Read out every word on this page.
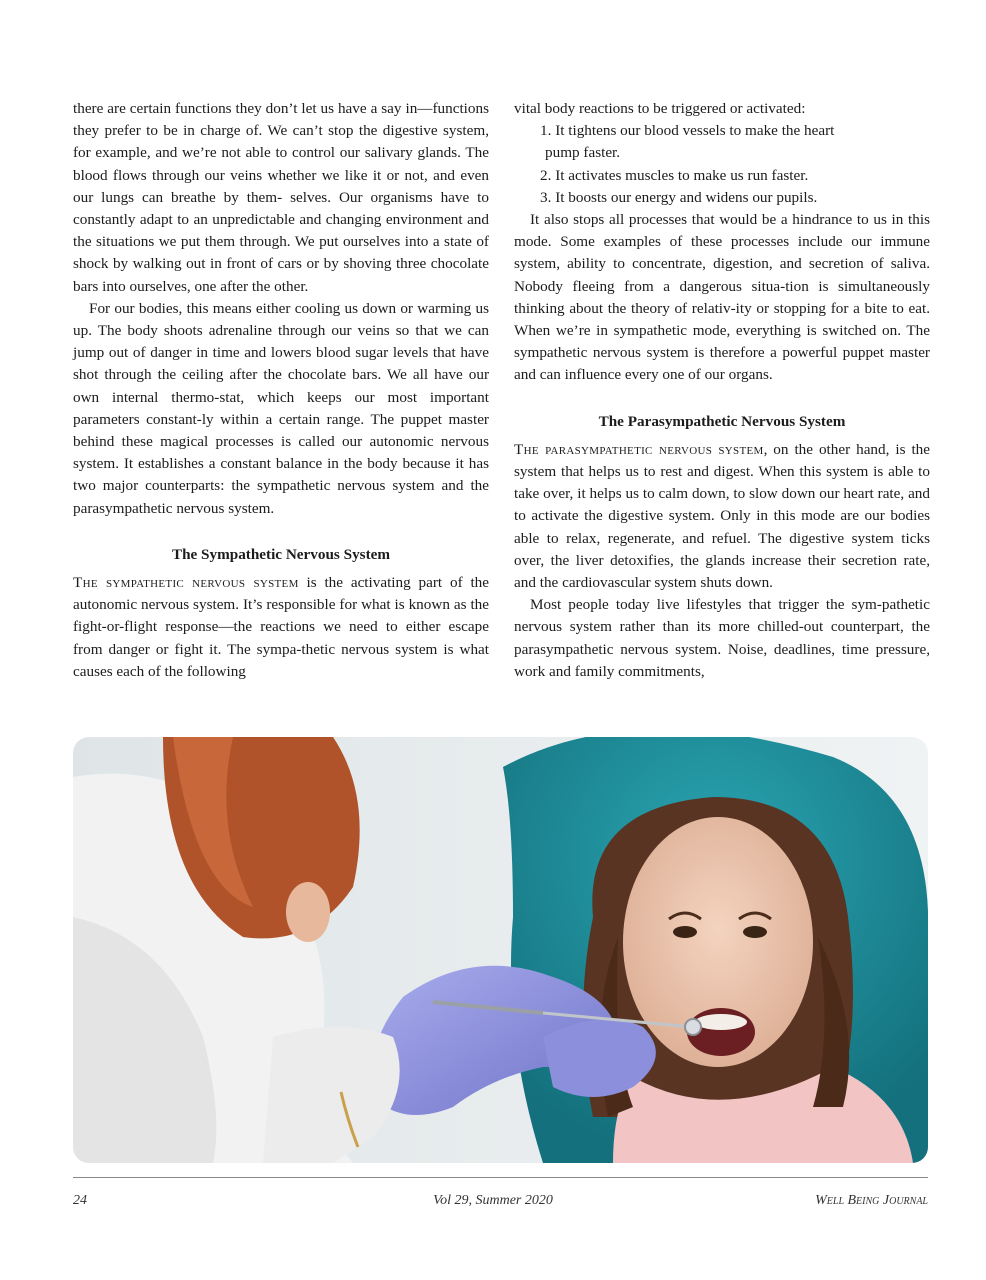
there are certain functions they don’t let us have a say in—functions they prefer to be in charge of. We can’t stop the digestive system, for example, and we’re not able to control our salivary glands. The blood flows through our veins whether we like it or not, and even our lungs can breathe by them- selves. Our organisms have to constantly adapt to an unpredictable and changing environment and the situations we put them through. We put ourselves into a state of shock by walking out in front of cars or by shoving three chocolate bars into ourselves, one after the other.

For our bodies, this means either cooling us down or warming us up. The body shoots adrenaline through our veins so that we can jump out of danger in time and lowers blood sugar levels that have shot through the ceiling after the chocolate bars. We all have our own internal thermo-stat, which keeps our most important parameters constant-ly within a certain range. The puppet master behind these magical processes is called our autonomic nervous system. It establishes a constant balance in the body because it has two major counterparts: the sympathetic nervous system and the parasympathetic nervous system.

The Sympathetic Nervous System

The sympathetic nervous system is the activating part of the autonomic nervous system. It’s responsible for what is known as the fight-or-flight response—the reactions we need to either escape from danger or fight it. The sympa-thetic nervous system is what causes each of the following

vital body reactions to be triggered or activated:

1. It tightens our blood vessels to make the heart
pump faster.
2. It activates muscles to make us run faster.
3. It boosts our energy and widens our pupils.

It also stops all processes that would be a hindrance to us in this mode. Some examples of these processes include our immune system, ability to concentrate, digestion, and secretion of saliva. Nobody fleeing from a dangerous situa-tion is simultaneously thinking about the theory of relativ-ity or stopping for a bite to eat. When we’re in sympathetic mode, everything is switched on. The sympathetic nervous system is therefore a powerful puppet master and can influence every one of our organs.

The Parasympathetic Nervous System

The parasympathetic nervous system, on the other hand, is the system that helps us to rest and digest. When this system is able to take over, it helps us to calm down, to slow down our heart rate, and to activate the digestive system. Only in this mode are our bodies able to relax, regenerate, and refuel. The digestive system ticks over, the liver detoxifies, the glands increase their secretion rate, and the cardiovascular system shuts down.

Most people today live lifestyles that trigger the sym-pathetic nervous system rather than its more chilled-out counterpart, the parasympathetic nervous system. Noise, deadlines, time pressure, work and family commitments,

24	Vol 29, Summer 2020	Well Being Journal
